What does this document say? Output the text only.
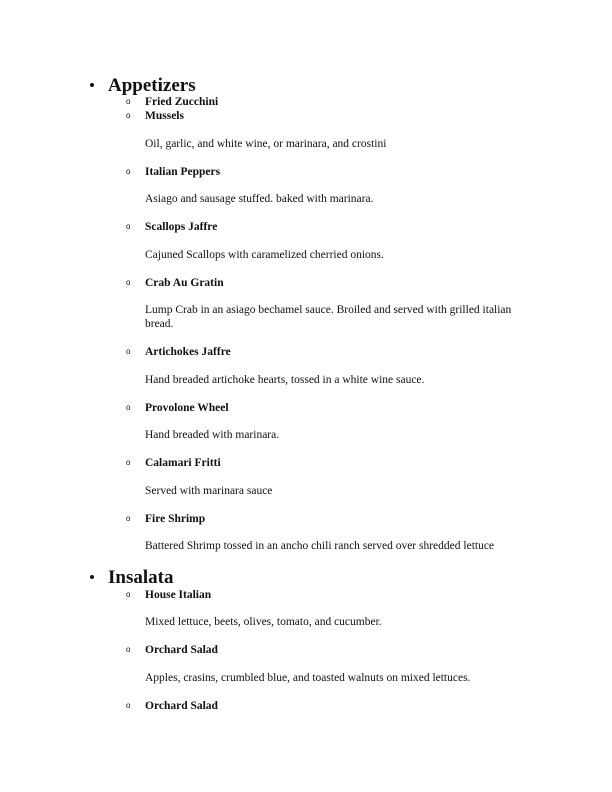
Appetizers
o Fried Zucchini
o Mussels
Oil, garlic, and white wine, or marinara, and crostini
o Italian Peppers
Asiago and sausage stuffed. baked with marinara.
o Scallops Jaffre
Cajuned Scallops with caramelized cherried onions.
o Crab Au Gratin
Lump Crab in an asiago bechamel sauce. Broiled and served with grilled italian bread.
o Artichokes Jaffre
Hand breaded artichoke hearts, tossed in a white wine sauce.
o Provolone Wheel
Hand breaded with marinara.
o Calamari Fritti
Served with marinara sauce
o Fire Shrimp
Battered Shrimp tossed in an ancho chili ranch served over shredded lettuce
Insalata
o House Italian
Mixed lettuce, beets, olives, tomato, and cucumber.
o Orchard Salad
Apples, crasins, crumbled blue, and toasted walnuts on mixed lettuces.
o Orchard Salad
